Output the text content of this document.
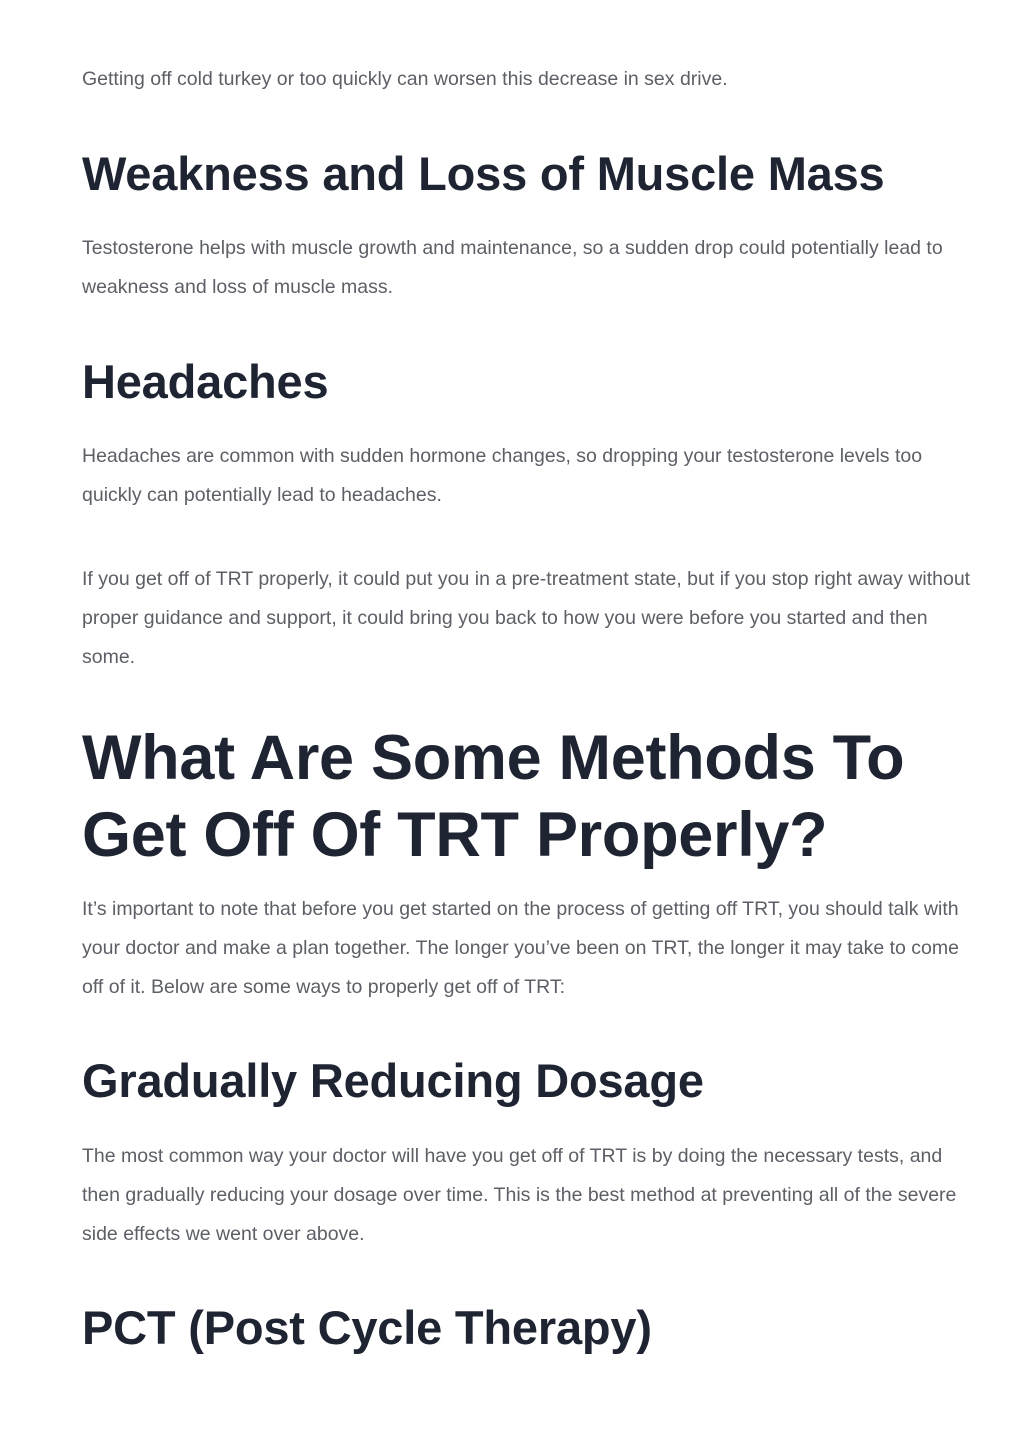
Getting off cold turkey or too quickly can worsen this decrease in sex drive.

Weakness and Loss of Muscle Mass

Testosterone helps with muscle growth and maintenance, so a sudden drop could potentially lead to weakness and loss of muscle mass.

Headaches

Headaches are common with sudden hormone changes, so dropping your testosterone levels too quickly can potentially lead to headaches.

If you get off of TRT properly, it could put you in a pre-treatment state, but if you stop right away without proper guidance and support, it could bring you back to how you were before you started and then some.

What Are Some Methods To Get Off Of TRT Properly?

It’s important to note that before you get started on the process of getting off TRT, you should talk with your doctor and make a plan together. The longer you’ve been on TRT, the longer it may take to come off of it. Below are some ways to properly get off of TRT:

Gradually Reducing Dosage

The most common way your doctor will have you get off of TRT is by doing the necessary tests, and then gradually reducing your dosage over time. This is the best method at preventing all of the severe side effects we went over above.

PCT (Post Cycle Therapy)
